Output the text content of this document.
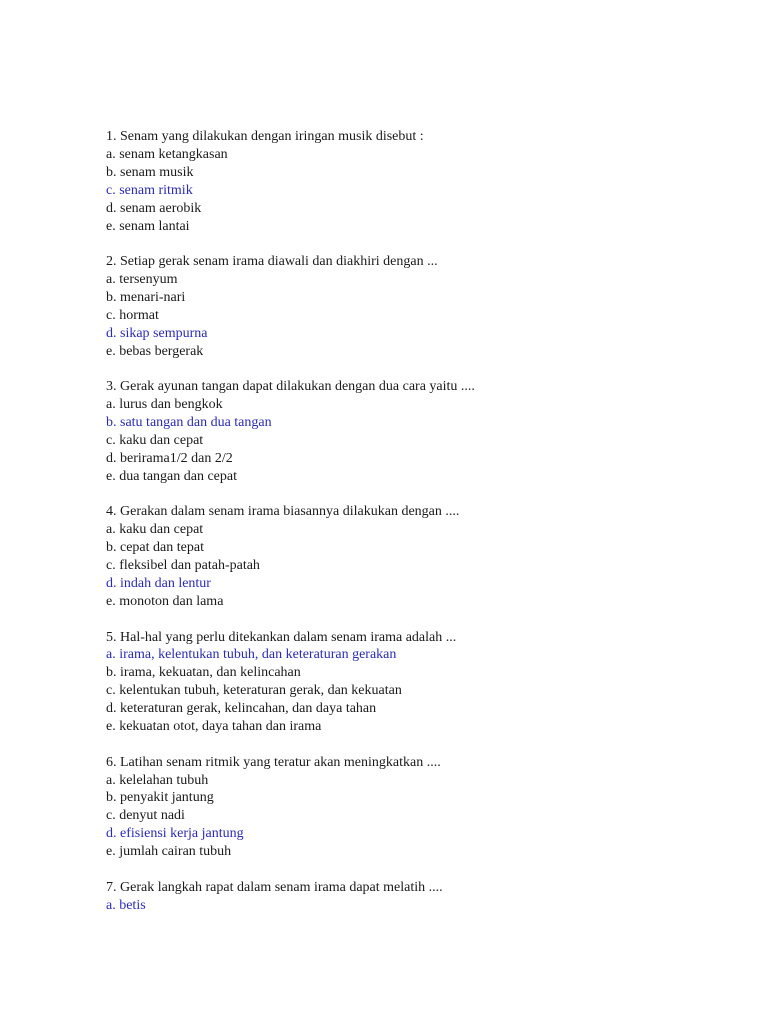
1. Senam yang dilakukan dengan iringan musik disebut :

a. senam ketangkasan

b. senam musik

c. senam ritmik

d. senam aerobik

e. senam lantai

2. Setiap gerak senam irama diawali dan diakhiri dengan ...

a. tersenyum

b. menari-nari

c. hormat

d. sikap sempurna

e. bebas bergerak

3. Gerak ayunan tangan dapat dilakukan dengan dua cara yaitu ....

a. lurus dan bengkok

b. satu tangan dan dua tangan

c. kaku dan cepat

d. berirama1/2 dan 2/2

e. dua tangan dan cepat

4. Gerakan dalam senam irama biasannya dilakukan dengan ....

a. kaku dan cepat

b. cepat dan tepat

c. fleksibel dan patah-patah

d. indah dan lentur

e. monoton dan lama

5. Hal-hal yang perlu ditekankan dalam senam irama adalah ...

a. irama, kelentukan tubuh, dan keteraturan gerakan

b. irama, kekuatan, dan kelincahan

c. kelentukan tubuh, keteraturan gerak, dan kekuatan

d. keteraturan gerak, kelincahan, dan daya tahan

e. kekuatan otot, daya tahan dan irama

6. Latihan senam ritmik yang teratur akan meningkatkan ....

a. kelelahan tubuh

b. penyakit jantung

c. denyut nadi

d. efisiensi kerja jantung

e. jumlah cairan tubuh

7. Gerak langkah rapat dalam senam irama dapat melatih ....

a. betis
